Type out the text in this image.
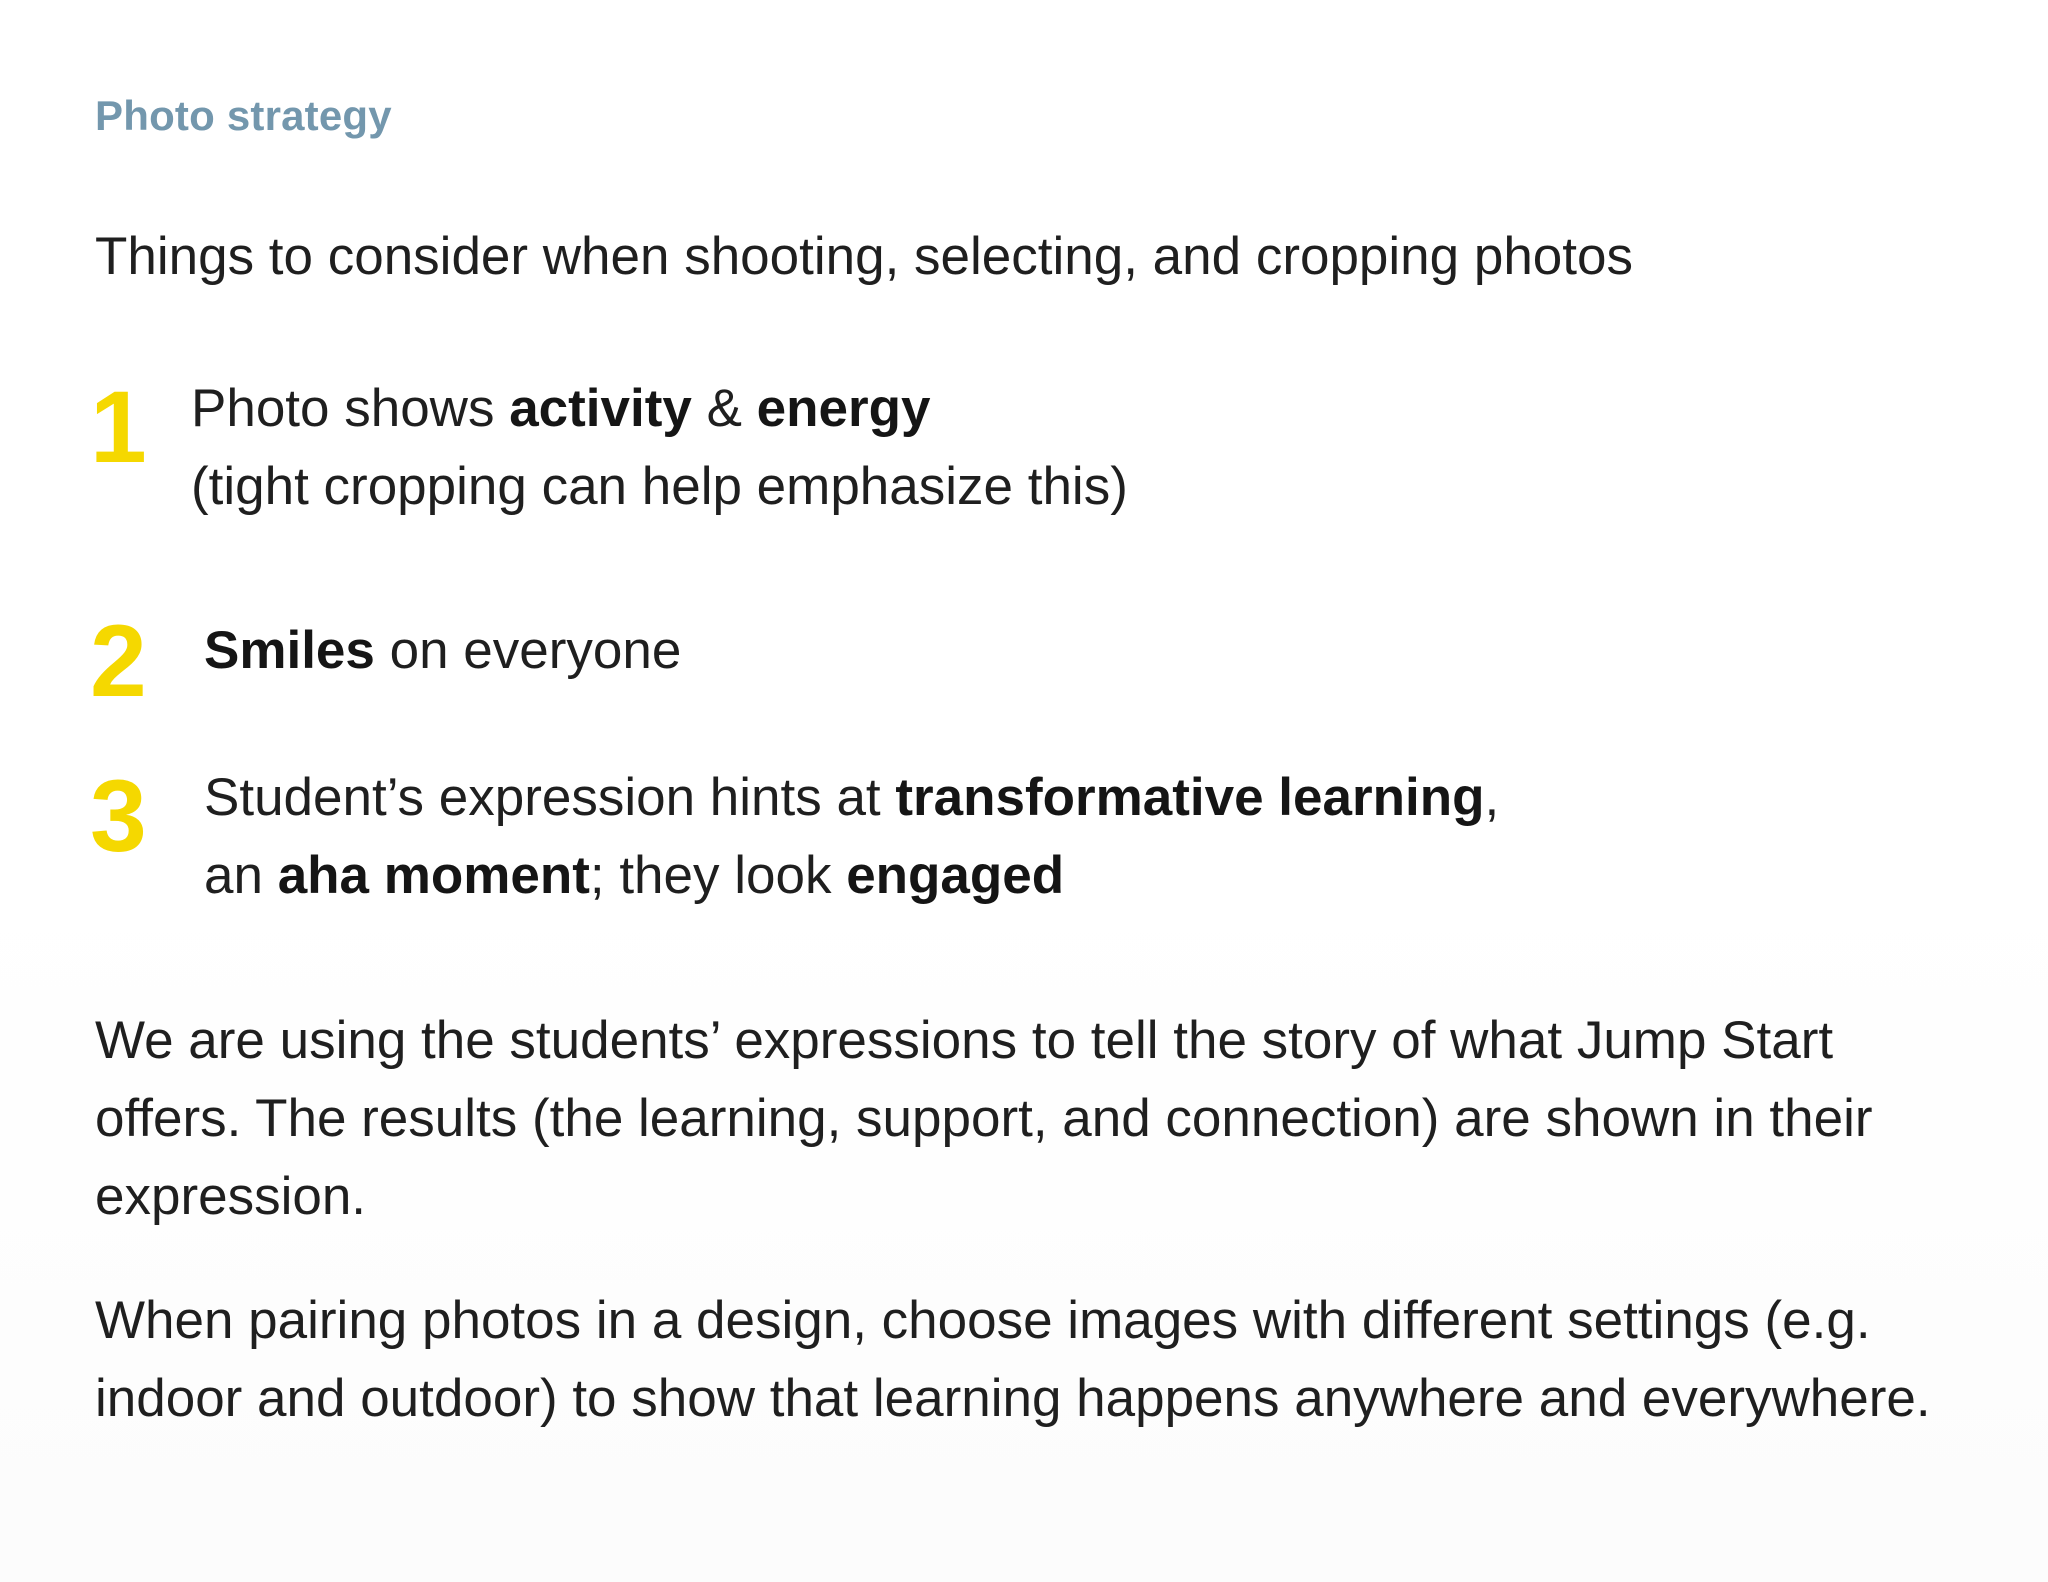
Photo strategy
Things to consider when shooting, selecting, and cropping photos
1 Photo shows activity & energy
(tight cropping can help emphasize this)
2 Smiles on everyone
3 Student’s expression hints at transformative learning,
an aha moment; they look engaged

We are using the students’ expressions to tell the story of what Jump Start offers. The results (the learning, support, and connection) are shown in their expression.

When pairing photos in a design, choose images with different settings (e.g. indoor and outdoor) to show that learning happens anywhere and everywhere.
